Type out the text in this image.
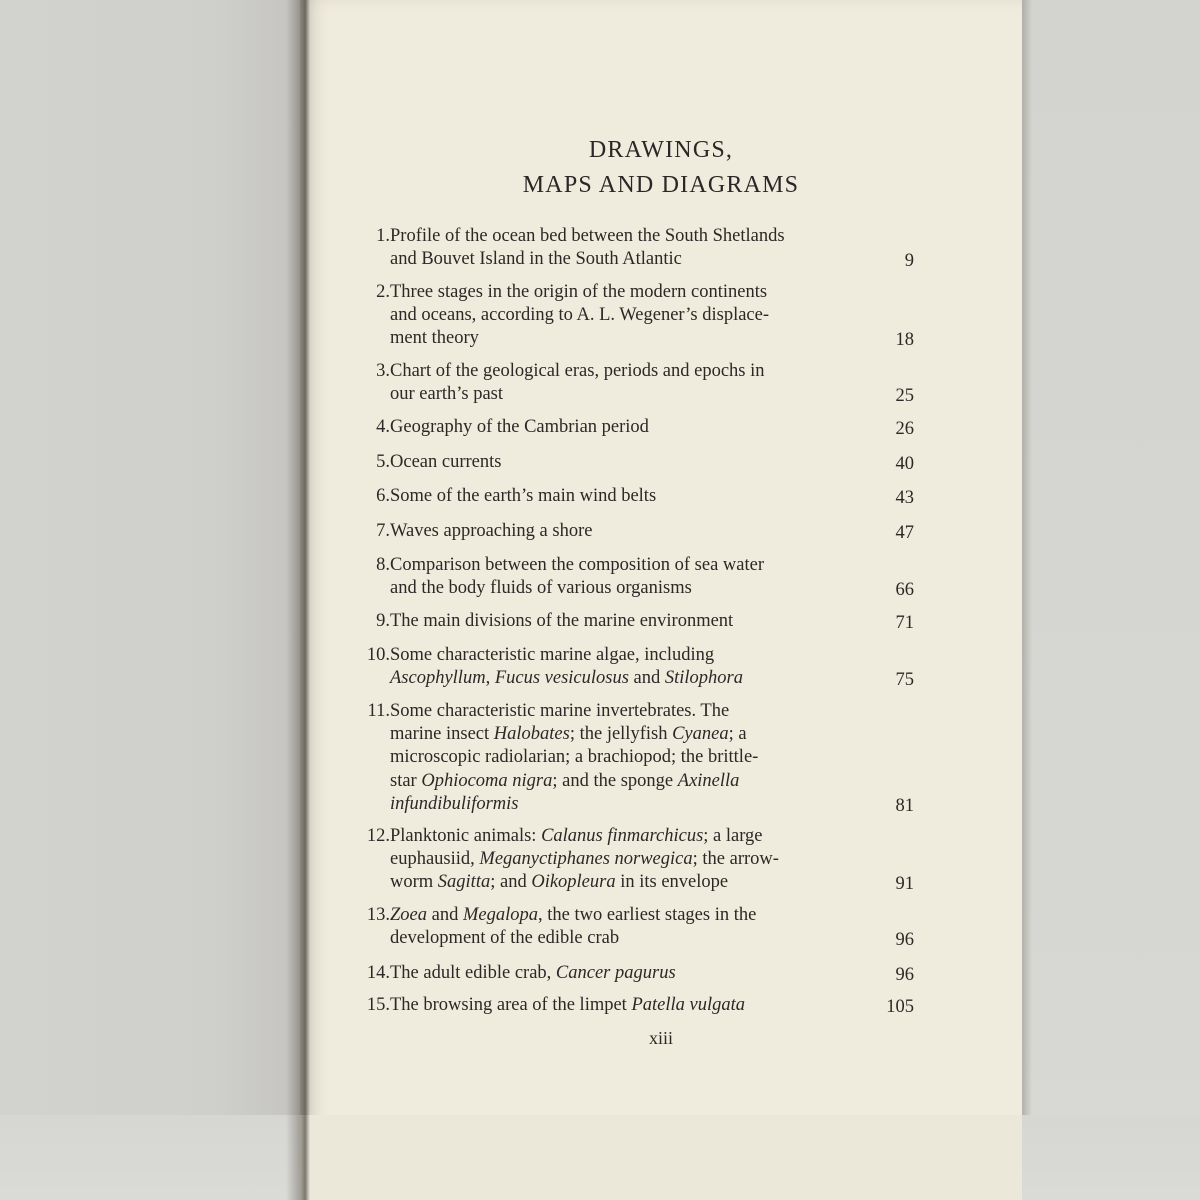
DRAWINGS,
MAPS AND DIAGRAMS
1. Profile of the ocean bed between the South Shetlands
and Bouvet Island in the South Atlantic	9
2. Three stages in the origin of the modern continents
and oceans, according to A. L. Wegener’s displace-
ment theory	18
3. Chart of the geological eras, periods and epochs in
our earth’s past	25
4. Geography of the Cambrian period	26
5. Ocean currents	40
6. Some of the earth’s main wind belts	43
7. Waves approaching a shore	47
8. Comparison between the composition of sea water
and the body fluids of various organisms	66
9. The main divisions of the marine environment	71
10. Some characteristic marine algae, including
Ascophyllum, Fucus vesiculosus and Stilophora	75
11. Some characteristic marine invertebrates. The
marine insect Halobates; the jellyfish Cyanea; a
microscopic radiolarian; a brachiopod; the brittle-
star Ophiocoma nigra; and the sponge Axinella
infundibuliformis	81
12. Planktonic animals: Calanus finmarchicus; a large
euphausiid, Meganyctiphanes norwegica; the arrow-
worm Sagitta; and Oikopleura in its envelope	91
13. Zoea and Megalopa, the two earliest stages in the
development of the edible crab	96
14. The adult edible crab, Cancer pagurus	96
15. The browsing area of the limpet Patella vulgata	105
xiii
